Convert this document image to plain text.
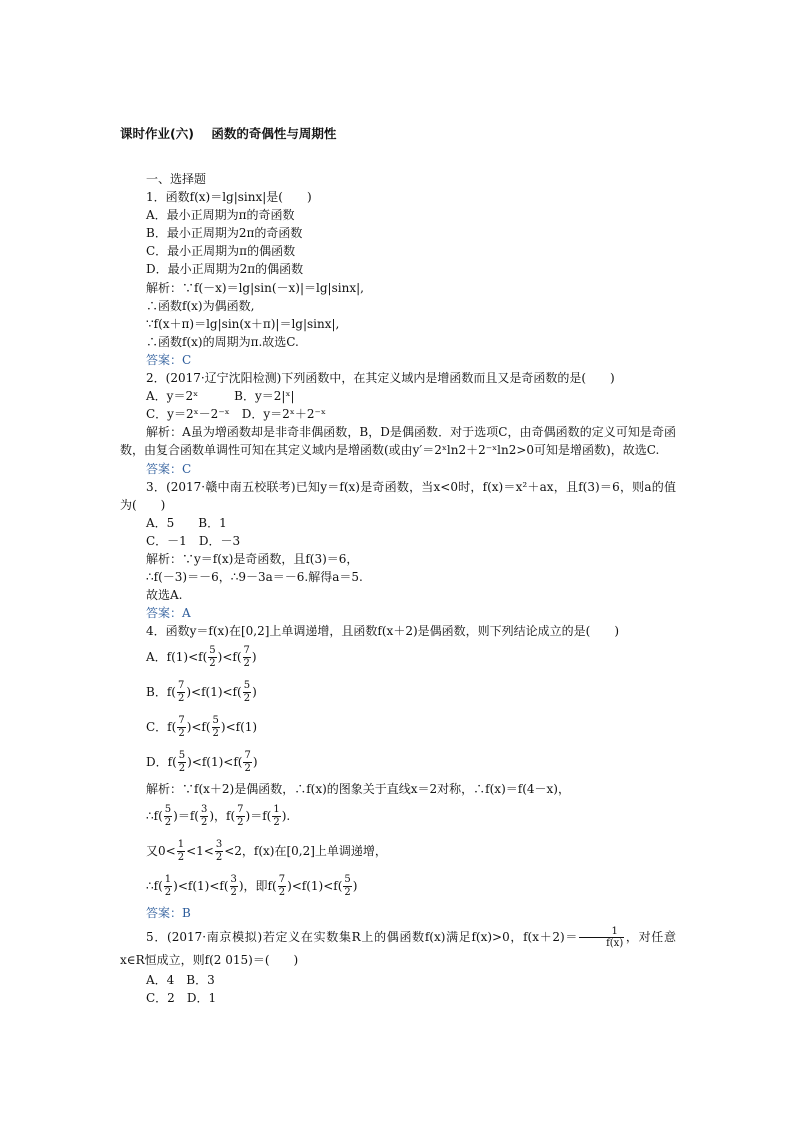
课时作业(六)    函数的奇偶性与周期性
一、选择题
1．函数f(x)＝lg|sinx|是(　　)
A．最小正周期为π的奇函数
B．最小正周期为2π的奇函数
C．最小正周期为π的偶函数
D．最小正周期为2π的偶函数
解析：∵f(－x)＝lg|sin(－x)|＝lg|sinx|,
∴函数f(x)为偶函数,
∵f(x＋π)＝lg|sin(x＋π)|＝lg|sinx|,
∴函数f(x)的周期为π.故选C.
答案：C
2．(2017·辽宁沈阳检测)下列函数中，在其定义域内是增函数而且又是奇函数的是(　　)
A．y＝2ˣ　　　B．y＝2|ˣ|
C．y＝2ˣ－2⁻ˣ　D．y＝2ˣ＋2⁻ˣ
解析：A虽为增函数却是非奇非偶函数，B，D是偶函数．对于选项C，由奇偶函数的定义可知是奇函数，由复合函数单调性可知在其定义域内是增函数(或由y′＝2ˣln2＋2⁻ˣln2>0可知是增函数)，故选C.
答案：C
3．(2017·赣中南五校联考)已知y＝f(x)是奇函数，当x<0时，f(x)＝x²＋ax，且f(3)＝6，则a的值为(　　)
A．5　　B．1
C．－1　D．－3
解析：∵y＝f(x)是奇函数，且f(3)＝6，
∴f(－3)＝－6，∴9－3a＝－6.解得a＝5.
故选A.
答案：A
4．函数y＝f(x)在[0,2]上单调递增，且函数f(x＋2)是偶函数，则下列结论成立的是(　　)
A．$f(1)<f( \frac{5}{2} )<f( \frac{7}{2}$ )
B．$f( \frac{7}{2} )<f(1)<f( \frac{5}{2}$ )
C．$f( \frac{7}{2} )<f( \frac{5}{2} )<f(1)$
D．$f( \frac{5}{2} )<f(1)<f( \frac{7}{2}$ )
解析：∵f(x＋2)是偶函数，∴f(x)的图象关于直线x＝2对称，∴f(x)＝f(4－x)，
∴f( $\frac{5}{2} )=f( \frac{3}{2}$ )，$f( \frac{7}{2} )=f( \frac{1}{2}$ ).
又$0< \frac{1}{2} <1< \frac{3}{2} <2$，f(x)在[0,2]上单调递增，
∴f( $\frac{1}{2} )<f(1)<f( \frac{3}{2}$ )，即$f( \frac{7}{2} )<f(1)<f( \frac{5}{2}$ )
答案：B
5．(2017·南京模拟)若定义在实数集R上的偶函数f(x)满足f(x)>0，$f(x+2)= \frac{1}{f(x)}$ ，对任意x∈R恒成立，则f(2 015)＝(　　)
A．4　B．3
C．2　D．1
